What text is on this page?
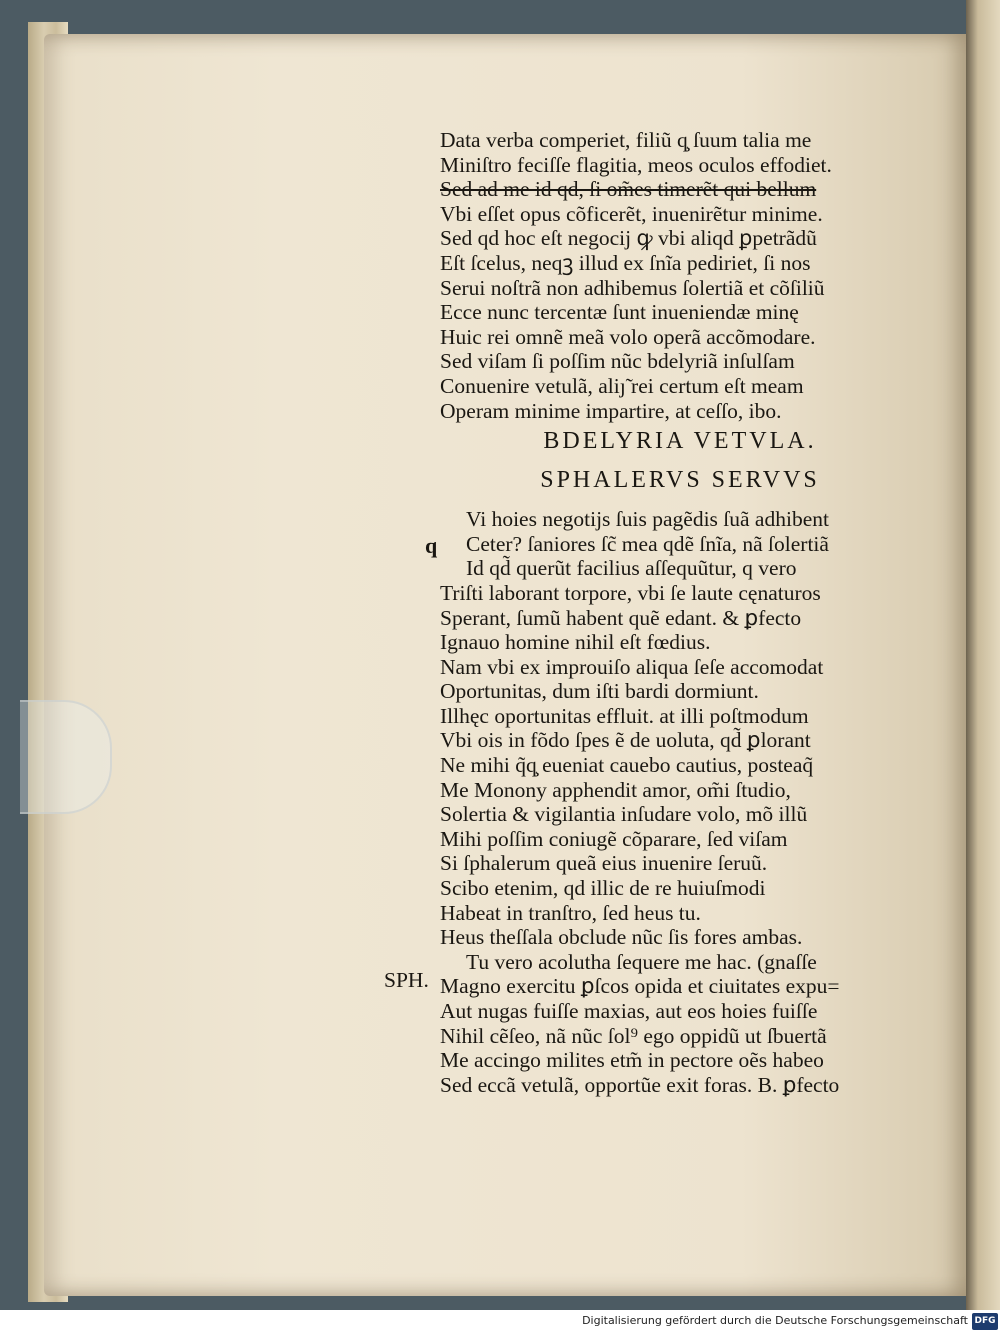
Data verba comperiet, filiũ q̧ ſuum talia me
Miniſtro feciſſe flagitia, meos oculos effodiet.
Sed ad me id qd, ſi om̃es timerẽt qui bellum
Vbi eſſet opus cõficerẽt, inuenirẽtur minime.
Sed qd hoc eſt negocij ꝙ vbi aliqd ꝑpetrãdũ
Eſt ſcelus, neqꝫ illud ex ſnĩa pediriet, ſi nos
Serui noſtrã non adhibemus ſolertiã et cõſiliũ
Ecce nunc tercentæ ſunt inueniendæ minę
Huic rei omnẽ meã volo operã accõmodare.
Sed viſam ſi poſſim nũc bdelyriã inſulſam
Conuenire vetulã, aliȷ̃ rei certum eſt meam
Operam minime impartire, at ceſſo, ibo.
BDELYRIA VETVLA.
SPHALERVS SERVVS
Vi hoies negotijs ſuis pagẽdis ſuã adhibent
Ceter? ſaniores ſc̃ mea qdẽ ſnĩa, nã ſolertiã
Id qd̃ querũt facilius aſſequũtur, q vero
Triſti laborant torpore, vbi ſe laute cęnaturos
Sperant, ſumũ habent quẽ edant. & ꝑfecto
Ignauo homine nihil eſt fœdius.
Nam vbi ex improuiſo aliqua ſeſe accomodat
Oportunitas, dum iſti bardi dormiunt.
Illhęc oportunitas effluit. at illi poſtmodum
Vbi ois in fõdo ſpes ẽ de uoluta, qd̃ ꝑlorant
Ne mihi q̃q̧ eueniat cauebo cautius, posteaq̃
Me Monony apphendit amor, om̃i ſtudio,
Solertia & vigilantia inſudare volo, mõ illũ
Mihi poſſim coniugẽ cõparare, ſed viſam
Si ſphalerum queã eius inuenire ſeruũ.
Scibo etenim, qd illic de re huiuſmodi
Habeat in tranſtro, ſed heus tu.
Heus theſſala obclude nũc ſis fores ambas.
Tu vero acolutha ſequere me hac. (gnaſſe
Magno exercitu ꝑſcos opida et ciuitates expu=
Aut nugas fuiſſe maxias, aut eos hoies fuiſſe
Nihil cẽſeo, nã nũc ſol⁹ ego oppidũ ut ſbuertã
Me accingo milites etm̃ in pectore oẽs habeo
Sed eccã vetulã, opportũe exit foras. B. ꝑfecto
q
SPH.
Digitalisierung gefördert durch die Deutsche Forschungsgemeinschaft DFG
